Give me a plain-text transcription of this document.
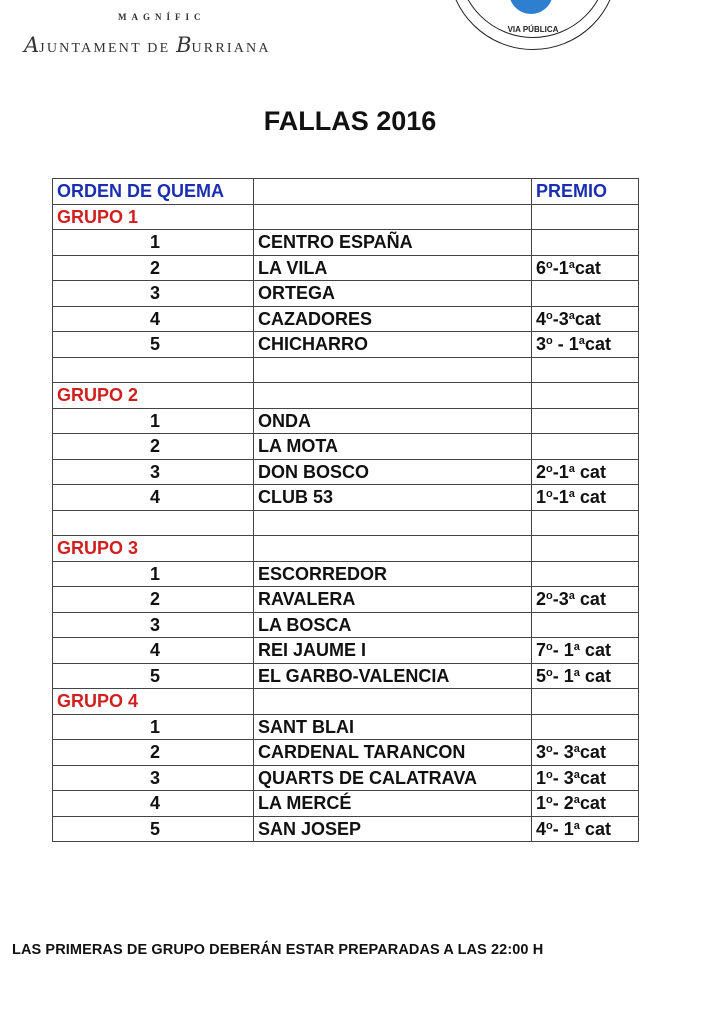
MAGNÍFIC
AJUNTAMENT DE BURRIANA
VIA PÚBLICA
FALLAS 2016
ORDEN DE QUEMA		PREMIO
GRUPO 1		
1	CENTRO ESPAÑA	
2	LA VILA	6$^o$-1$^a$cat
3	ORTEGA	
4	CAZADORES	4$^o$-3$^a$cat
5	CHICHARRO	3$^o$ - 1$^a$cat

GRUPO 2		
1	ONDA	
2	LA MOTA	
3	DON BOSCO	2$^o$-1$^a$ cat
4	CLUB 53	1$^o$-1$^a$ cat

GRUPO 3		
1	ESCORREDOR	
2	RAVALERA	2$^o$-3$^a$ cat
3	LA BOSCA	
4	REI JAUME I	7$^o$- 1$^a$ cat
5	EL GARBO-VALENCIA	5$^o$- 1$^a$ cat
GRUPO 4		
1	SANT BLAI	
2	CARDENAL TARANCON	3$^o$- 3$^a$cat
3	QUARTS DE CALATRAVA	1$^o$- 3$^a$cat
4	LA MERCÉ	1$^o$- 2$^a$cat
5	SAN JOSEP	4$^o$- 1$^a$ cat
LAS PRIMERAS DE GRUPO DEBERÁN ESTAR PREPARADAS A LAS 22:00 H
